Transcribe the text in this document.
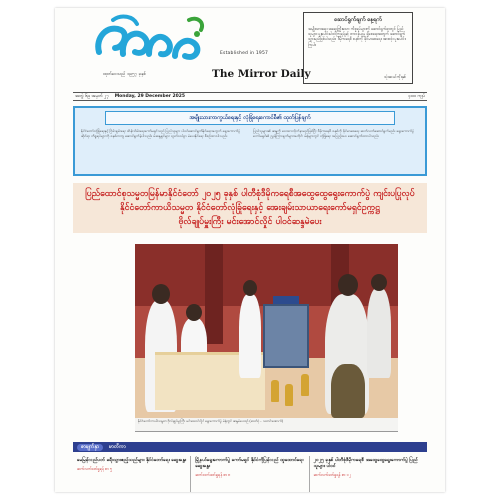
Established in 1957
The Mirror Daily
ထုတ်ဝေသည် ၁၉၅၇ ခုနှစ်
ဆောင်ရွက်ချက် နေ့ရက်
အမျိုးသားရေး အရေးကြီးသော ကိစ္စရပ်များကို ဆောင်ရွက်ရာတွင် ပြည်သူများ ပူးပေါင်းပါဝင်ကြရန်နှင့် တာဝန်ယူမှု ရှိစေရေးအတွက် ဆောင်ရွက်သွားမည်ဖြစ်ပါသည်။ ဒီမိုကရေစီ စနစ်ကို ခိုင်မာစေရေး အားလုံး ပူးပေါင်းကြပါ။
သုံးဆယ်ကိုးနှစ်
အတွဲ ၆၉ အမှတ် ၂၇ Monday, 29 December 2025	၄၀၀ ကျပ်
အမျိုးသားကာကွယ်ရေးနှင့် လုံခြုံရေးကောင်စီ၏ ထုတ်ပြန်ချက်
နိုင်ငံတော်လုံခြုံရေးနှင့် ငြိမ်းချမ်းရေး ထိန်းသိမ်းရေးကော်မရှင်သည် ပြည်သူများ ပါဝင်ဆောင်ရွက်နိုင်ရေးအတွက် ရွေးကောက်ပွဲဆိုင်ရာ ကိစ္စရပ်များကို စနစ်တကျ ဆောင်ရွက်ခဲ့ပါသည်။ မဲဆန္ဒရှင်များ လွတ်လပ်စွာ မဲပေးနိုင်ရေး စီစဉ်ထားပါသည်။
ပြည်သူများ၏ ဆန္ဒကို လေးစားလိုက်နာမည်ဖြစ်ပြီး ဒီမိုကရေစီ စနစ်ကို ခိုင်မာစေရေး ဆက်လက်ဆောင်ရွက်မည်။ ရွေးကောက်ပွဲ ကော်မရှင်၏ ညွှန်ကြားချက်များအတိုင်း မဲရုံများတွင် လုံခြုံရေး အပြည့်အဝ ဆောင်ရွက်ထားပါသည်။
ပြည်ထောင်စုသမ္မတမြန်မာနိုင်ငံတော် ၂၀၂၅ ခုနှစ် ပါတီစုံဒီမိုကရေစီအထွေထွေရွေးကောက်ပွဲ ကျင်းပပြုလုပ်
နိုင်ငံတော်ကာယိသမ္မတ နိုင်ငံတော်လုံခြုံရေးနှင့် အေးချမ်းသာယာရေးကော်မရှင်ဥက္ကဋ္ဌ
ဗိုလ်ချုပ်မှူးကြီး မင်းအောင်လှိုင် ပါဝင်ဆန္ဒမဲပေး
နိုင်ငံတော်ကာယိသမ္မတ ဗိုလ်ချုပ်မှူးကြီး မင်းအောင်လှိုင် ရွေးကောက်ပွဲ မဲရုံတွင် ဆန္ဒမဲပေးစဉ် (ဓာတ်ပုံ - သတင်းထောက်)
စာမျက်နှာ	မာတိကာ
မေမြန်လည်ပတ် ခရီးသွားဧည့်သည်များ နိုင်ငံတော်ရေး ဆွေးနွေး
ဆက်လက်ဖတ်ရှုရန် စာ ၅
မြို့နယ်ရွေးကောက်ပွဲ ကော်မရှင် နိုင်ငံကိုပြန်လည် ထူထောင်ရေး ဆွေးနွေး
ဆက်လက်ဖတ်ရှုရန် စာ ၈
၂၀၂၅ ခုနှစ် ပါတီစုံဒီမိုကရေစီ အထွေထွေရွေးကောက်ပွဲ ပြည်သူများ ပါဝင်
ဆက်လက်ဖတ်ရှုရန် စာ ၁၂
